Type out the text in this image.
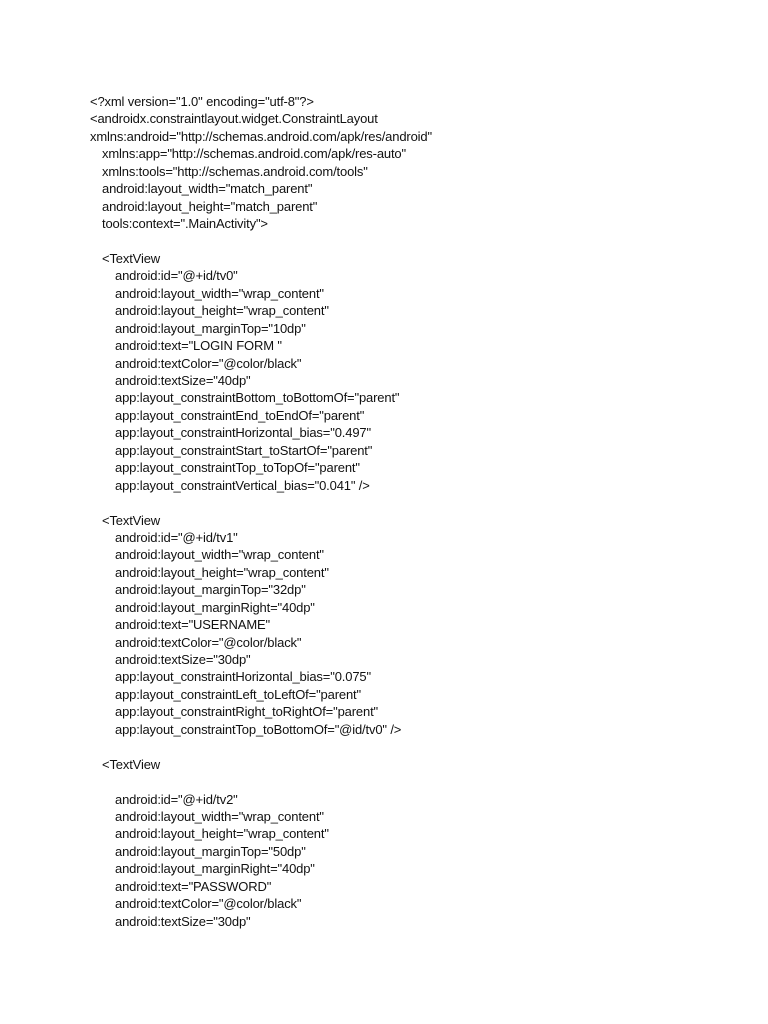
<?xml version="1.0" encoding="utf-8"?>
<androidx.constraintlayout.widget.ConstraintLayout
xmlns:android="http://schemas.android.com/apk/res/android"
xmlns:app="http://schemas.android.com/apk/res-auto"
xmlns:tools="http://schemas.android.com/tools"
android:layout_width="match_parent"
android:layout_height="match_parent"
tools:context=".MainActivity">
<TextView
android:id="@+id/tv0"
android:layout_width="wrap_content"
android:layout_height="wrap_content"
android:layout_marginTop="10dp"
android:text="LOGIN FORM "
android:textColor="@color/black"
android:textSize="40dp"
app:layout_constraintBottom_toBottomOf="parent"
app:layout_constraintEnd_toEndOf="parent"
app:layout_constraintHorizontal_bias="0.497"
app:layout_constraintStart_toStartOf="parent"
app:layout_constraintTop_toTopOf="parent"
app:layout_constraintVertical_bias="0.041" />
<TextView
android:id="@+id/tv1"
android:layout_width="wrap_content"
android:layout_height="wrap_content"
android:layout_marginTop="32dp"
android:layout_marginRight="40dp"
android:text="USERNAME"
android:textColor="@color/black"
android:textSize="30dp"
app:layout_constraintHorizontal_bias="0.075"
app:layout_constraintLeft_toLeftOf="parent"
app:layout_constraintRight_toRightOf="parent"
app:layout_constraintTop_toBottomOf="@id/tv0" />
<TextView
android:id="@+id/tv2"
android:layout_width="wrap_content"
android:layout_height="wrap_content"
android:layout_marginTop="50dp"
android:layout_marginRight="40dp"
android:text="PASSWORD"
android:textColor="@color/black"
android:textSize="30dp"
